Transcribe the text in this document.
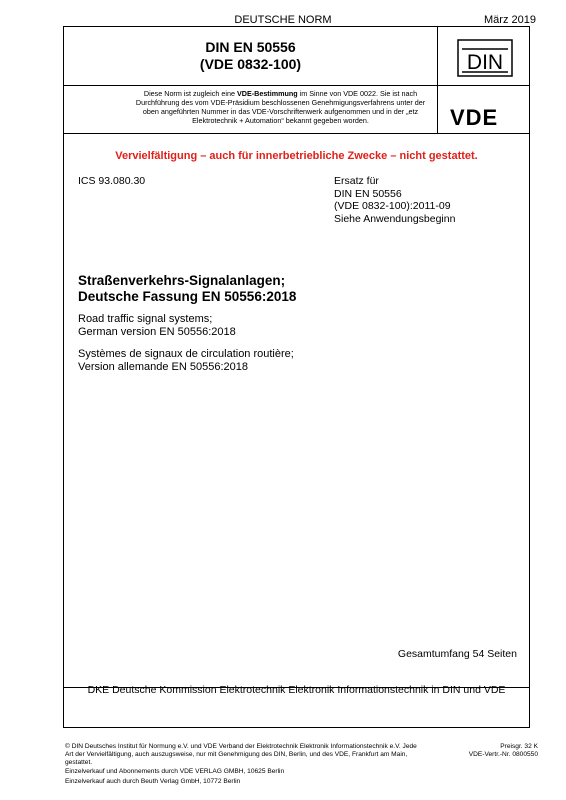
DEUTSCHE NORM	März 2019
DIN EN 50556
(VDE 0832-100)	DIN
VDE
Diese Norm ist zugleich eine VDE-Bestimmung im Sinne von VDE 0022. Sie ist nach Durchführung des vom VDE-Präsidium beschlossenen Genehmigungsverfahrens unter der oben angeführten Nummer in das VDE-Vorschriftenwerk aufgenommen und in der „etz Elektrotechnik + Automation“ bekannt gegeben worden.
Vervielfältigung – auch für innerbetriebliche Zwecke – nicht gestattet.
ICS 93.080.30	Ersatz für
DIN EN 50556
(VDE 0832-100):2011-09
Siehe Anwendungsbeginn
Straßenverkehrs-Signalanlagen;
Deutsche Fassung EN 50556:2018
Road traffic signal systems;
German version EN 50556:2018
Systèmes de signaux de circulation routière;
Version allemande EN 50556:2018
Gesamtumfang 54 Seiten
DKE Deutsche Kommission Elektrotechnik Elektronik Informationstechnik in DIN und VDE
© DIN Deutsches Institut für Normung e.V. und VDE Verband der Elektrotechnik Elektronik Informationstechnik e.V. Jede Art der Vervielfältigung, auch auszugsweise, nur mit Genehmigung des DIN, Berlin, und des VDE, Frankfurt am Main, gestattet.
Preisgr. 32 K
VDE-Vertr.-Nr. 0800550
Einzelverkauf und Abonnements durch VDE VERLAG GMBH, 10625 Berlin
Einzelverkauf auch durch Beuth Verlag GmbH, 10772 Berlin
